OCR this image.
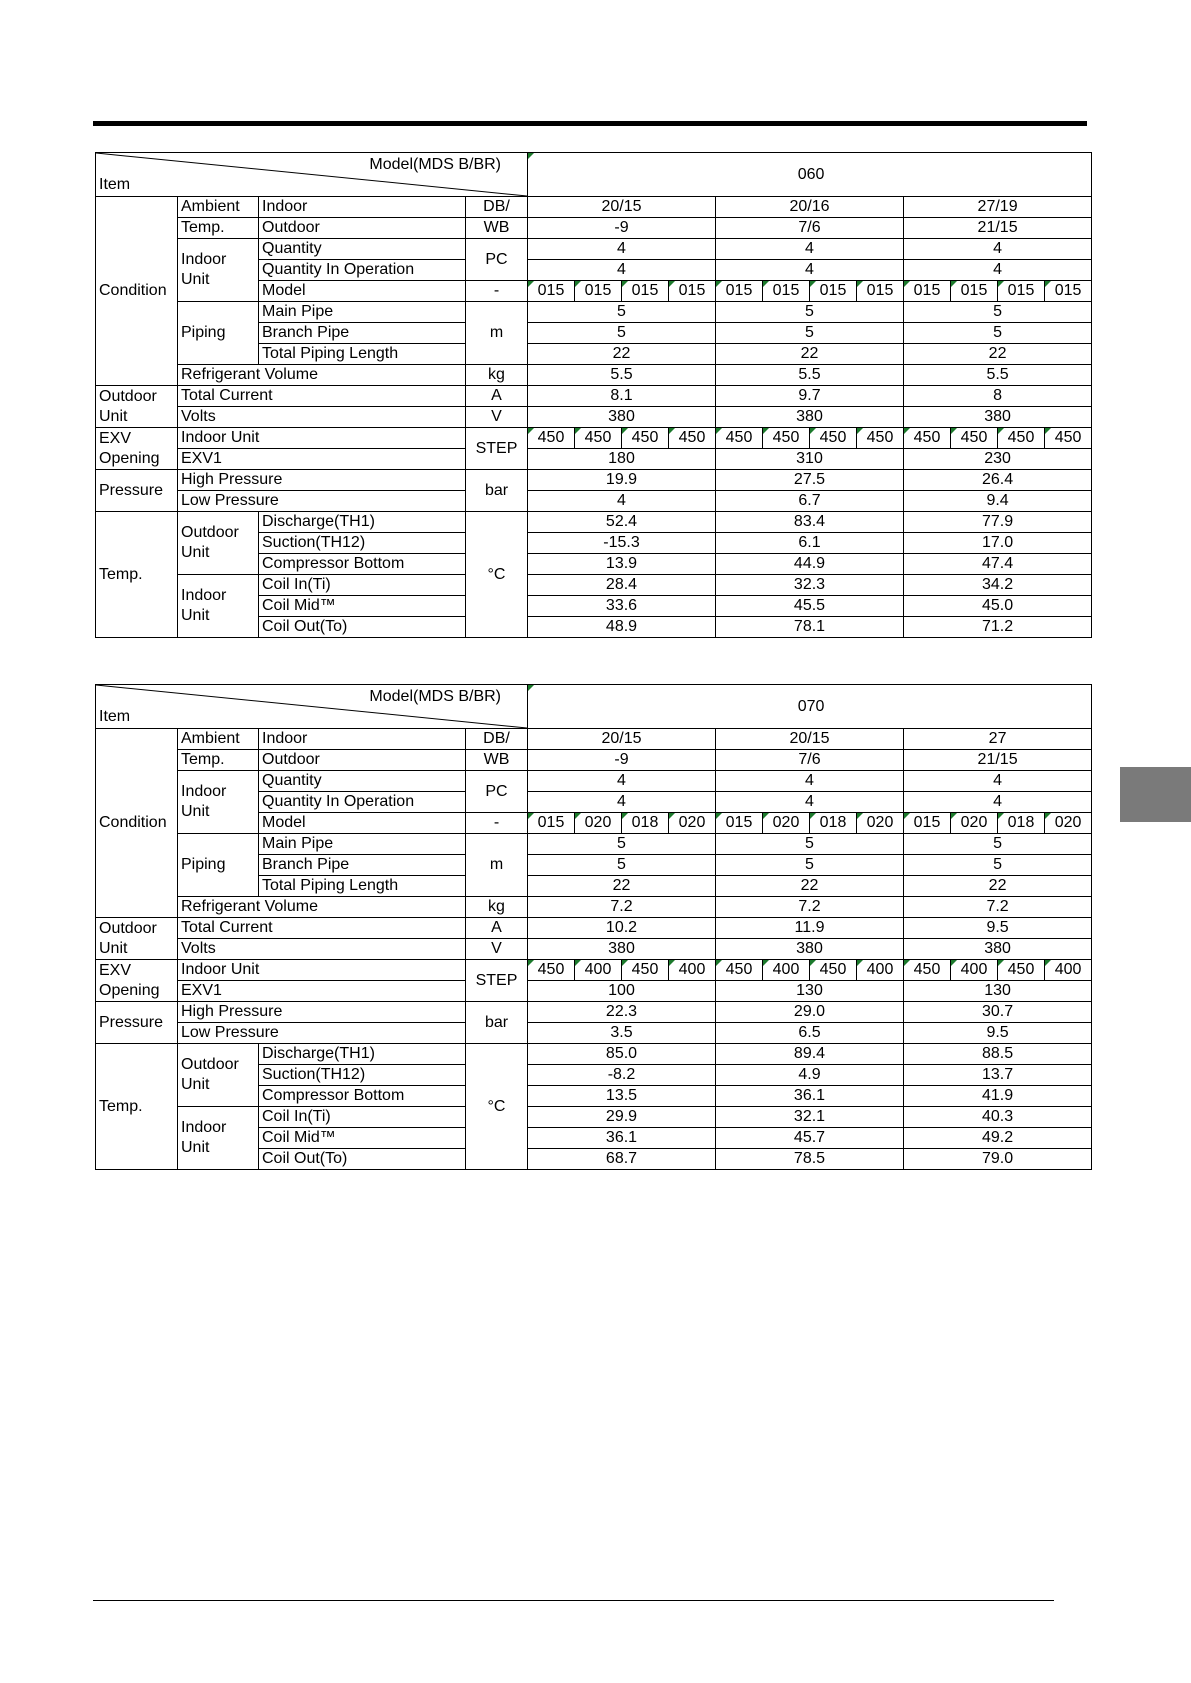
Item
Model(MDS B/BR)				060											
Condition	Ambient	Indoor	DB/	20/15				20/16				27/19			
	Temp.	Outdoor	WB	-9				7/6				21/15			

	Indoor
Unit	Quantity	PC	4				4				4			
		Quantity In Operation		4				4				4			
		Model	-	015	015	015	015	015	015	015	015	015	015	015	015
	Piping	Main Pipe	m	5				5				5			
		Branch Pipe		5				5				5			
		Total Piping Length		22				22				22			
	Refrigerant Volume		kg	5.5				5.5				5.5			

Outdoor
Unit	Total Current		A	8.1				9.7				8			
	Volts		V	380				380				380			

EXV
Opening	Indoor Unit		STEP	450	450	450	450	450	450	450	450	450	450	450	450
	EXV1			180				310				230			
Pressure	High Pressure		bar	19.9				27.5				26.4			
	Low Pressure			4				6.7				9.4			
Temp.	Outdoor
Unit	Discharge(TH1)	°C	52.4				83.4				77.9			
		Suction(TH12)		-15.3				6.1				17.0			
		Compressor Bottom		13.9				44.9				47.4			

	Indoor
Unit	Coil In(Ti)		28.4				32.3				34.2			
		Coil Mid™		33.6				45.5				45.0			
		Coil Out(To)		48.9				78.1				71.2			
Item
Model(MDS B/BR)				070											
Condition	Ambient	Indoor	DB/	20/15				20/15				27			
	Temp.	Outdoor	WB	-9				7/6				21/15			

	Indoor
Unit	Quantity	PC	4				4				4			
		Quantity In Operation		4				4				4			
		Model	-	015	020	018	020	015	020	018	020	015	020	018	020
	Piping	Main Pipe	m	5				5				5			
		Branch Pipe		5				5				5			
		Total Piping Length		22				22				22			
	Refrigerant Volume		kg	7.2				7.2				7.2			

Outdoor
Unit	Total Current		A	10.2				11.9				9.5			
	Volts		V	380				380				380			

EXV
Opening	Indoor Unit		STEP	450	400	450	400	450	400	450	400	450	400	450	400
	EXV1			100				130				130			
Pressure	High Pressure		bar	22.3				29.0				30.7			
	Low Pressure			3.5				6.5				9.5			
Temp.	Outdoor
Unit	Discharge(TH1)	°C	85.0				89.4				88.5			
		Suction(TH12)		-8.2				4.9				13.7			
		Compressor Bottom		13.5				36.1				41.9			

	Indoor
Unit	Coil In(Ti)		29.9				32.1				40.3			
		Coil Mid™		36.1				45.7				49.2			
		Coil Out(To)		68.7				78.5				79.0			
